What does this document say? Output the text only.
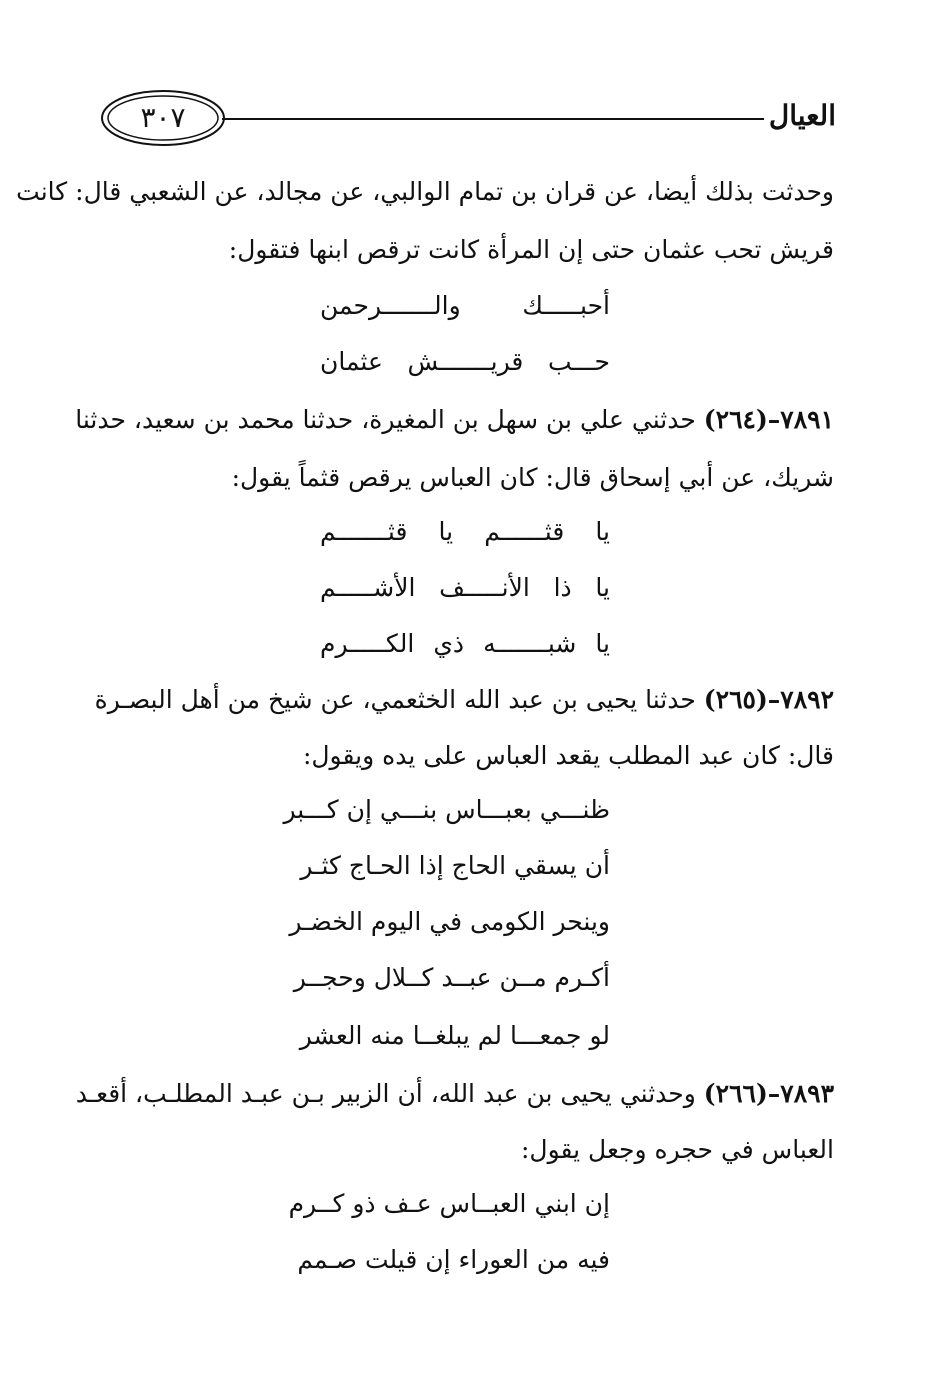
العيال
٣٠٧
وحدثت بذلك أيضا، عن قران بن تمام الوالبي، عن مجالد، عن الشعبي قال: كانت
قريش تحب عثمان حتى إن المرأة كانت ترقص ابنها فتقول:
أحبـــــك والـــــــرحمن
حـــب قريـــــــش عثمان
٧٨٩١–(٢٦٤) حدثني علي بن سهل بن المغيرة، حدثنا محمد بن سعيد، حدثنا
شريك، عن أبي إسحاق قال: كان العباس يرقص قثماً يقول:
يا قثــــــم يا قثـــــــم
يا ذا الأنـــــف الأشـــــم
يا شبـــــــه ذي الكـــــرم
٧٨٩٢–(٢٦٥) حدثنا يحيى بن عبد الله الخثعمي، عن شيخ من أهل البصـرة
قال: كان عبد المطلب يقعد العباس على يده ويقول:
ظنـــي بعبـــاس بنـــي إن كـــبر
أن يسقي الحاج إذا الحـاج كثـر
وينحر الكومى في اليوم الخضـر
أكـرم مــن عبــد كــلال وحجــر
لو جمعـــا لم يبلغــا منه العشر
٧٨٩٣–(٢٦٦) وحدثني يحيى بن عبد الله، أن الزبير بـن عبـد المطلـب، أقعـد
العباس في حجره وجعل يقول:
إن ابني العبــاس عـف ذو كــرم
فيه من العوراء إن قيلت صـمم
